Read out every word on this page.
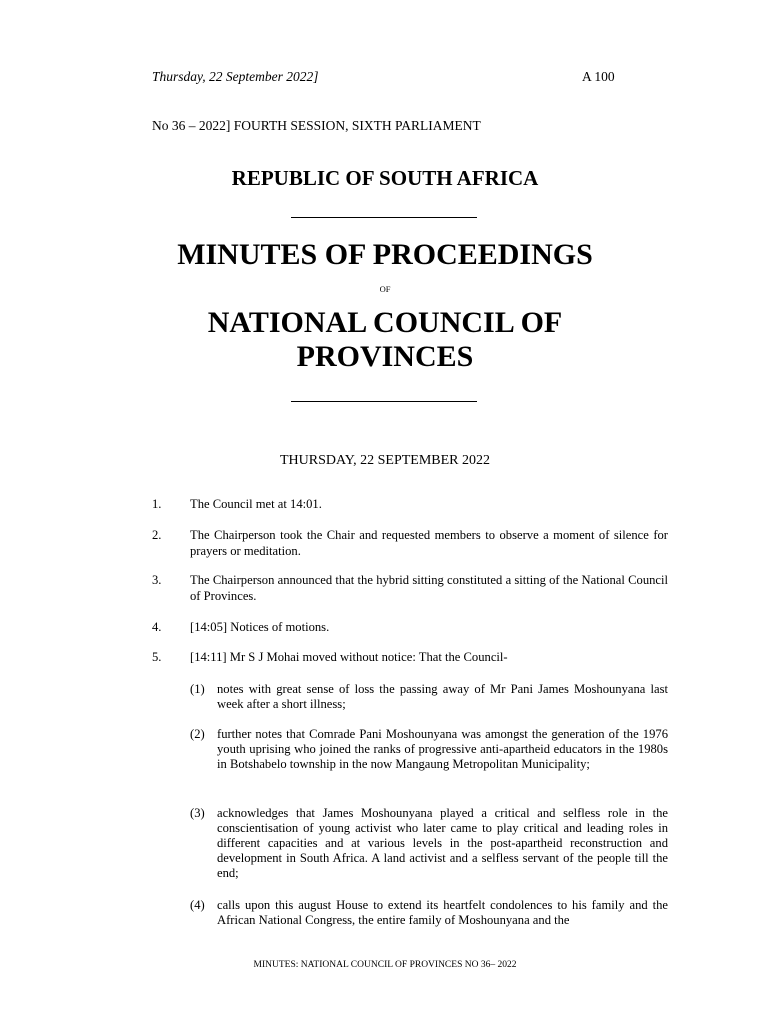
Thursday, 22 September 2022]	A 100
No 36 – 2022] FOURTH SESSION, SIXTH PARLIAMENT
REPUBLIC OF SOUTH AFRICA
MINUTES OF PROCEEDINGS
OF
NATIONAL COUNCIL OF
PROVINCES
THURSDAY, 22 SEPTEMBER 2022
1. The Council met at 14:01.
2. The Chairperson took the Chair and requested members to observe a moment of silence for prayers or meditation.
3. The Chairperson announced that the hybrid sitting constituted a sitting of the National Council of Provinces.
4. [14:05] Notices of motions.
5. [14:11] Mr S J Mohai moved without notice: That the Council-
(1) notes with great sense of loss the passing away of Mr Pani James Moshounyana last week after a short illness;
(2) further notes that Comrade Pani Moshounyana was amongst the generation of the 1976 youth uprising who joined the ranks of progressive anti-apartheid educators in the 1980s in Botshabelo township in the now Mangaung Metropolitan Municipality;
(3) acknowledges that James Moshounyana played a critical and selfless role in the conscientisation of young activist who later came to play critical and leading roles in different capacities and at various levels in the post-apartheid reconstruction and development in South Africa. A land activist and a selfless servant of the people till the end;
(4) calls upon this august House to extend its heartfelt condolences to his family and the African National Congress, the entire family of Moshounyana and the
MINUTES: NATIONAL COUNCIL OF PROVINCES NO 36– 2022
